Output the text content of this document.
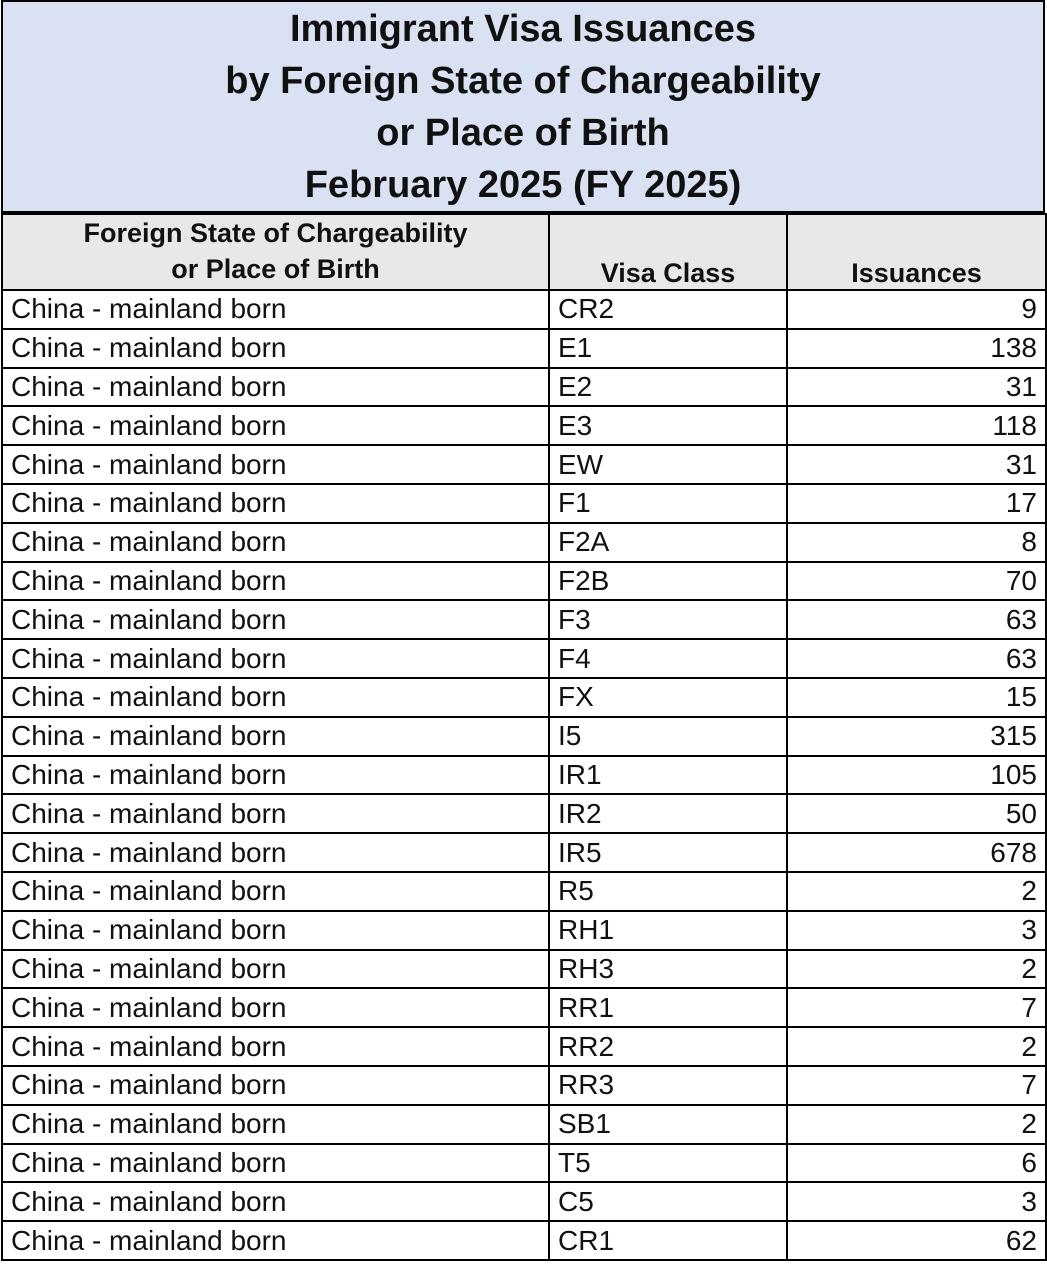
Immigrant Visa Issuances
by Foreign State of Chargeability
or Place of Birth
February 2025 (FY 2025)
Foreign State of Chargeability
or Place of Birth	Visa Class	Issuances
China - mainland born	CR2	9
China - mainland born	E1	138
China - mainland born	E2	31
China - mainland born	E3	118
China - mainland born	EW	31
China - mainland born	F1	17
China - mainland born	F2A	8
China - mainland born	F2B	70
China - mainland born	F3	63
China - mainland born	F4	63
China - mainland born	FX	15
China - mainland born	I5	315
China - mainland born	IR1	105
China - mainland born	IR2	50
China - mainland born	IR5	678
China - mainland born	R5	2
China - mainland born	RH1	3
China - mainland born	RH3	2
China - mainland born	RR1	7
China - mainland born	RR2	2
China - mainland born	RR3	7
China - mainland born	SB1	2
China - mainland born	T5	6
China - mainland born	C5	3
China - mainland born	CR1	62
